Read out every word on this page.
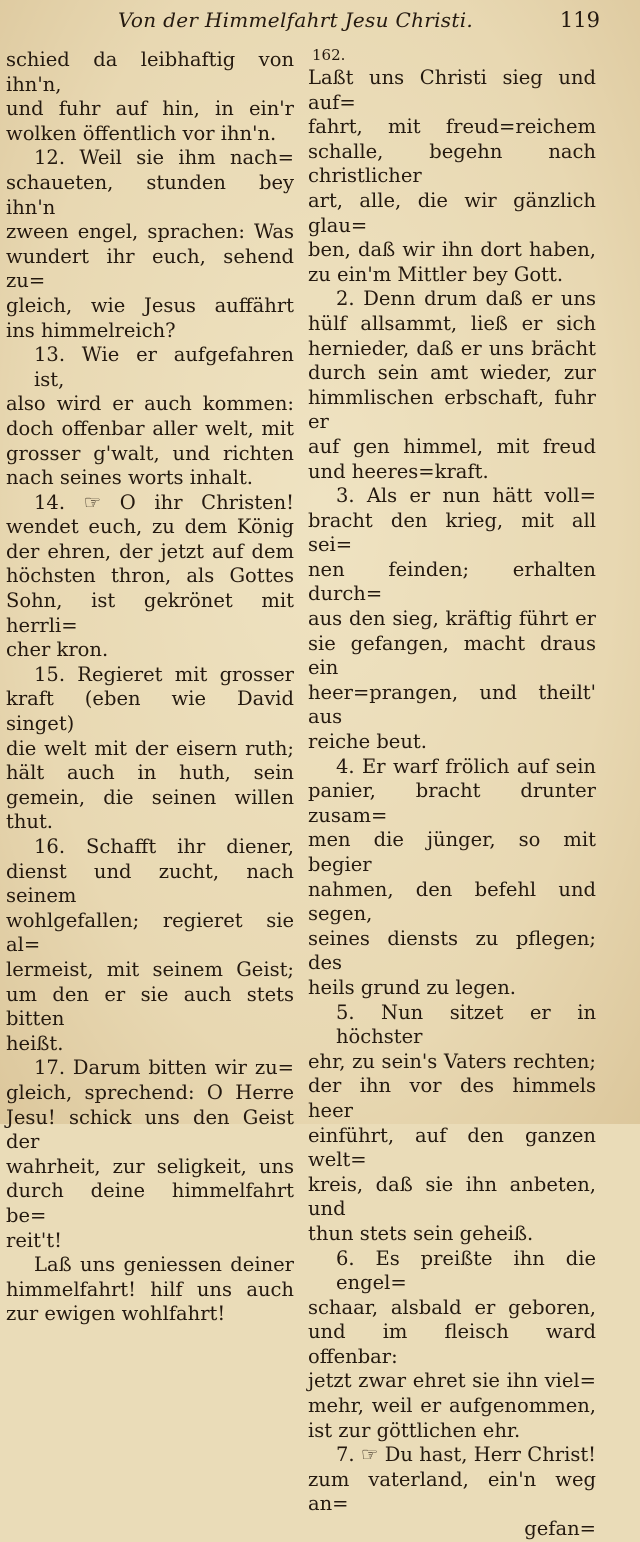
Von der Himmelfahrt Jesu Christi.	119

schied da leibhaftig von ihn'n,

und fuhr auf hin, in ein'r

wolken öffentlich vor ihn'n.

12. Weil sie ihm nach=

schaueten, stunden bey ihn'n

zween engel, sprachen: Was

wundert ihr euch, sehend zu=

gleich, wie Jesus auffährt

ins himmelreich?

13. Wie er aufgefahren ist,

also wird er auch kommen:

doch offenbar aller welt, mit

grosser g'walt, und richten

nach seines worts inhalt.

14. ☞ O ihr Christen!

wendet euch, zu dem König

der ehren, der jetzt auf dem

höchsten thron, als Gottes

Sohn, ist gekrönet mit herrli=

cher kron.

15. Regieret mit grosser

kraft (eben wie David singet)

die welt mit der eisern ruth;

hält auch in huth, sein

gemein, die seinen willen

thut.

16. Schafft ihr diener,

dienst und zucht, nach seinem

wohlgefallen; regieret sie al=

lermeist, mit seinem Geist;

um den er sie auch stets bitten

heißt.

17. Darum bitten wir zu=

gleich, sprechend: O Herre

Jesu! schick uns den Geist der

wahrheit, zur seligkeit, uns

durch deine himmelfahrt be=

reit't!

Laß uns geniessen deiner

himmelfahrt! hilf uns auch

zur ewigen wohlfahrt!

162.

Laßt uns Christi sieg und auf=

fahrt, mit freud=reichem

schalle, begehn nach christlicher

art, alle, die wir gänzlich glau=

ben, daß wir ihn dort haben,

zu ein'm Mittler bey Gott.

2. Denn drum daß er uns

hülf allsammt, ließ er sich

hernieder, daß er uns brächt

durch sein amt wieder, zur

himmlischen erbschaft, fuhr er

auf gen himmel, mit freud

und heeres=kraft.

3. Als er nun hätt voll=

bracht den krieg, mit all sei=

nen feinden; erhalten durch=

aus den sieg, kräftig führt er

sie gefangen, macht draus ein

heer=prangen, und theilt' aus

reiche beut.

4. Er warf frölich auf sein

panier, bracht drunter zusam=

men die jünger, so mit begier

nahmen, den befehl und segen,

seines diensts zu pflegen; des

heils grund zu legen.

5. Nun sitzet er in höchster

ehr, zu sein's Vaters rechten;

der ihn vor des himmels heer

einführt, auf den ganzen welt=

kreis, daß sie ihn anbeten, und

thun stets sein geheiß.

6. Es preißte ihn die engel=

schaar, alsbald er geboren,

und im fleisch ward offenbar:

jetzt zwar ehret sie ihn viel=

mehr, weil er aufgenommen,

ist zur göttlichen ehr.

7. ☞ Du hast, Herr Christ!

zum vaterland, ein'n weg an=

gefan=
